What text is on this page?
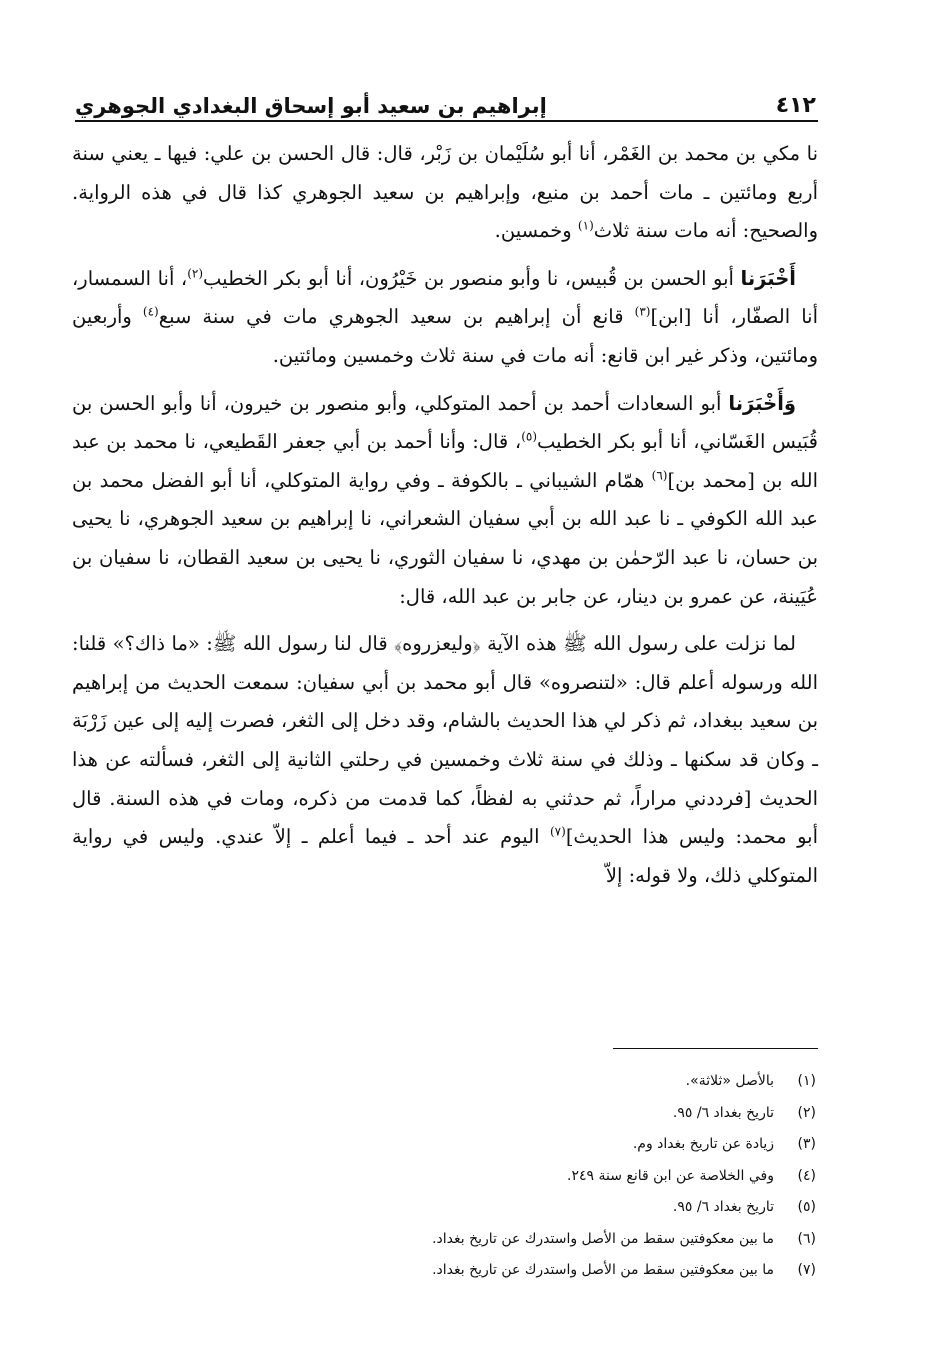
٤١٢
إبراهيم بن سعيد أبو إسحاق البغدادي الجوهري

نا مكي بن محمد بن الغَمْر، أنا أبو سُلَيْمان بن زَبْر، قال: قال الحسن بن علي: فيها ـ يعني سنة أربع ومائتين ـ مات أحمد بن منيع، وإبراهيم بن سعيد الجوهري كذا قال في هذه الرواية. والصحيح: أنه مات سنة ثلاث$^{(١)}$ وخمسين.

أَخْبَرَنا أبو الحسن بن قُبيس، نا وأبو منصور بن خَيْرُون، أنا أبو بكر الخطيب$^{(٢)}$، أنا السمسار، أنا الصفّار، أنا [ابن]$^{(٣)}$ قانع أن إبراهيم بن سعيد الجوهري مات في سنة سبع$^{(٤)}$ وأربعين ومائتين، وذكر غير ابن قانع: أنه مات في سنة ثلاث وخمسين ومائتين.

وَأَخْبَرَنا أبو السعادات أحمد بن أحمد المتوكلي، وأبو منصور بن خيرون، أنا وأبو الحسن بن قُبَيس الغَسّاني، أنا أبو بكر الخطيب$^{(٥)}$، قال: وأنا أحمد بن أبي جعفر القَطيعي، نا محمد بن عبد الله بن [محمد بن]$^{(٦)}$ همّام الشيباني ـ بالكوفة ـ وفي رواية المتوكلي، أنا أبو الفضل محمد بن عبد الله الكوفي ـ نا عبد الله بن أبي سفيان الشعراني، نا إبراهيم بن سعيد الجوهري، نا يحيى بن حسان، نا عبد الرّحمٰن بن مهدي، نا سفيان الثوري، نا يحيى بن سعيد القطان، نا سفيان بن عُيَينة، عن عمرو بن دينار، عن جابر بن عبد الله، قال:

لما نزلت على رسول الله ﷺ هذه الآية ﴿وليعزروه﴾ قال لنا رسول الله ﷺ: «ما ذاك؟» قلنا: الله ورسوله أعلم قال: «لتنصروه» قال أبو محمد بن أبي سفيان: سمعت الحديث من إبراهيم بن سعيد ببغداد، ثم ذكر لي هذا الحديث بالشام، وقد دخل إلى الثغر، فصرت إليه إلى عين زَرْبَة ـ وكان قد سكنها ـ وذلك في سنة ثلاث وخمسين في رحلتي الثانية إلى الثغر، فسألته عن هذا الحديث [فرددني مراراً، ثم حدثني به لفظاً، كما قدمت من ذكره، ومات في هذه السنة. قال أبو محمد: وليس هذا الحديث]$^{(٧)}$ اليوم عند أحد ـ فيما أعلم ـ إلاّ عندي. وليس في رواية المتوكلي ذلك، ولا قوله: إلاّ

(١)
بالأصل «ثلاثة».
(٢)
تاريخ بغداد ٦/ ٩٥.
(٣)
زيادة عن تاريخ بغداد وم.
(٤)
وفي الخلاصة عن ابن قانع سنة ٢٤٩.
(٥)
تاريخ بغداد ٦/ ٩٥.
(٦)
ما بين معكوفتين سقط من الأصل واستدرك عن تاريخ بغداد.
(٧)
ما بين معكوفتين سقط من الأصل واستدرك عن تاريخ بغداد.
